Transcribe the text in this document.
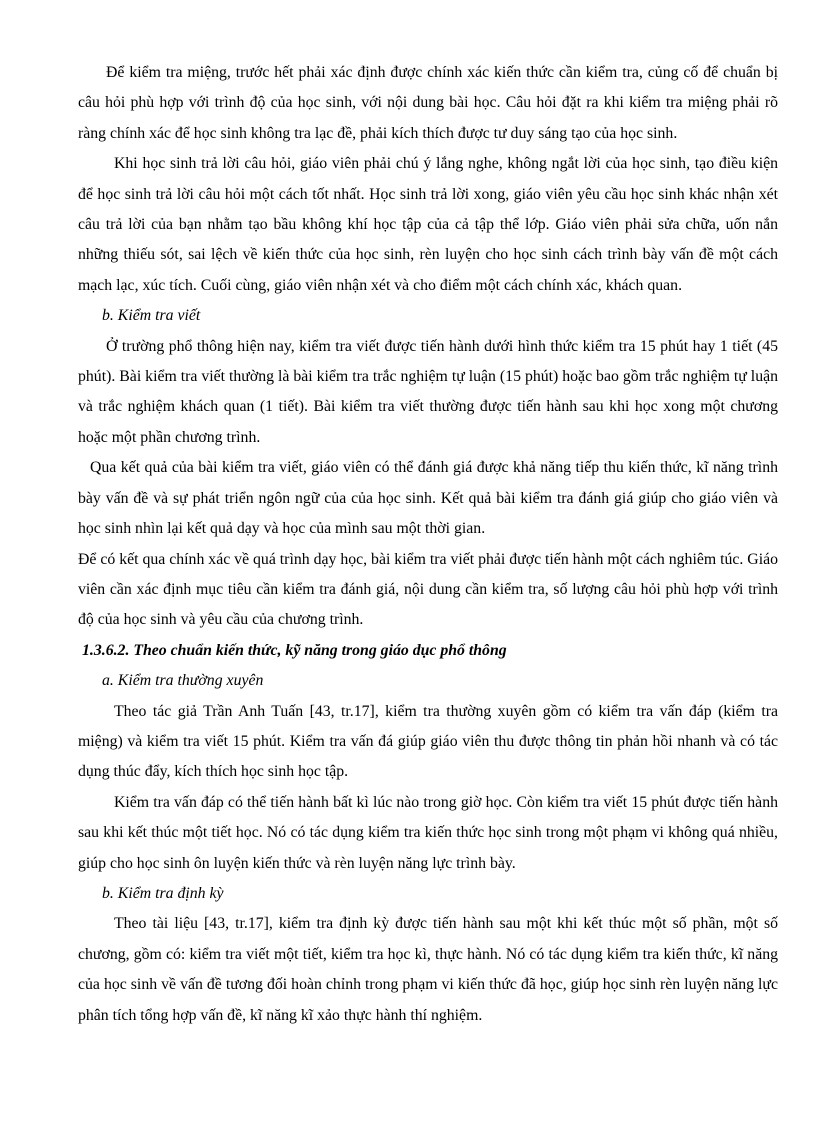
Để kiểm tra miệng, trước hết phải xác định được chính xác kiến thức cần kiểm tra, củng cố để chuẩn bị câu hỏi phù hợp với trình độ của học sinh, với nội dung bài học. Câu hỏi đặt ra khi kiểm tra miệng phải rõ ràng chính xác để học sinh không tra lạc đề, phải kích thích được tư duy sáng tạo của học sinh.

Khi học sinh trả lời câu hỏi, giáo viên phải chú ý lắng nghe, không ngắt lời của học sinh, tạo điều kiện để học sinh trả lời câu hỏi một cách tốt nhất. Học sinh trả lời xong, giáo viên yêu cầu học sinh khác nhận xét câu trả lời của bạn nhằm tạo bầu không khí học tập của cả tập thể lớp. Giáo viên phải sửa chữa, uốn nắn những thiếu sót, sai lệch về kiến thức của học sinh, rèn luyện cho học sinh cách trình bày vấn đề một cách mạch lạc, xúc tích. Cuối cùng, giáo viên nhận xét và cho điểm một cách chính xác, khách quan.

b. Kiểm tra viết

Ở trường phổ thông hiện nay, kiểm tra viết được tiến hành dưới hình thức kiểm tra 15 phút hay 1 tiết (45 phút). Bài kiểm tra viết thường là bài kiểm tra trắc nghiệm tự luận (15 phút) hoặc bao gồm trắc nghiệm tự luận và trắc nghiệm khách quan (1 tiết). Bài kiểm tra viết thường được tiến hành sau khi học xong một chương hoặc một phần chương trình.

Qua kết quả của bài kiểm tra viết, giáo viên có thể đánh giá được khả năng tiếp thu kiến thức, kĩ năng trình bày vấn đề và sự phát triển ngôn ngữ của của học sinh. Kết quả bài kiểm tra đánh giá giúp cho giáo viên và học sinh nhìn lại kết quả dạy và học của mình sau một thời gian.

Để có kết qua chính xác về quá trình dạy học, bài kiểm tra viết phải được tiến hành một cách nghiêm túc. Giáo viên cần xác định mục tiêu cần kiểm tra đánh giá, nội dung cần kiểm tra, số lượng câu hỏi phù hợp với trình độ của học sinh và yêu cầu của chương trình.

1.3.6.2. Theo chuẩn kiến thức, kỹ năng trong giáo dục phổ thông

a. Kiểm tra thường xuyên

Theo tác giả Trần Anh Tuấn [43, tr.17], kiểm tra thường xuyên gồm có kiểm tra vấn đáp (kiểm tra miệng) và kiểm tra viết 15 phút. Kiểm tra vấn đá giúp giáo viên thu được thông tin phản hồi nhanh và có tác dụng thúc đẩy, kích thích học sinh học tập.

Kiểm tra vấn đáp có thể tiến hành bất kì lúc nào trong giờ học. Còn kiểm tra viết 15 phút được tiến hành sau khi kết thúc một tiết học. Nó có tác dụng kiểm tra kiến thức học sinh trong một phạm vi không quá nhiều, giúp cho học sinh ôn luyện kiến thức và rèn luyện năng lực trình bày.

b. Kiểm tra định kỳ

Theo tài liệu [43, tr.17], kiểm tra định kỳ được tiến hành sau một khi kết thúc một số phần, một số chương, gồm có: kiểm tra viết một tiết, kiểm tra học kì, thực hành. Nó có tác dụng kiểm tra kiến thức, kĩ năng của học sinh về vấn đề tương đối hoàn chỉnh trong phạm vi kiến thức đã học, giúp học sinh rèn luyện năng lực phân tích tổng hợp vấn đề, kĩ năng kĩ xảo thực hành thí nghiệm.
